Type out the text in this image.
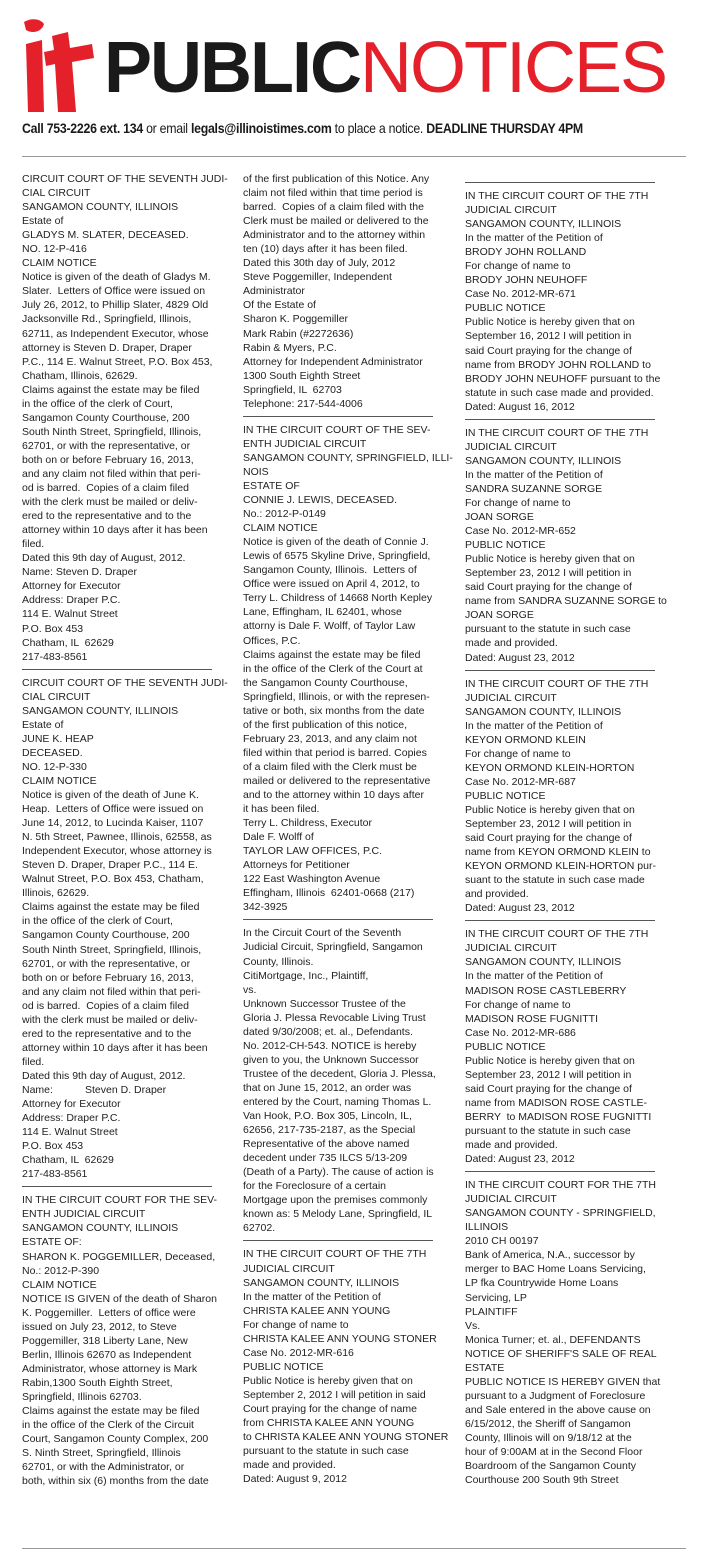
PUBLICNOTICES
Call 753-2226 ext. 134 or email legals@illinoistimes.com to place a notice. DEADLINE THURSDAY 4PM

CIRCUIT COURT OF THE SEVENTH JUDI-

CIAL CIRCUIT

SANGAMON COUNTY, ILLINOIS

Estate of

GLADYS M. SLATER, DECEASED.

NO. 12-P-416

CLAIM NOTICE

Notice is given of the death of Gladys M.

Slater.  Letters of Office were issued on

July 26, 2012, to Phillip Slater, 4829 Old

Jacksonville Rd., Springfield, Illinois,

62711, as Independent Executor, whose

attorney is Steven D. Draper, Draper

P.C., 114 E. Walnut Street, P.O. Box 453,

Chatham, Illinois, 62629.

Claims against the estate may be filed

in the office of the clerk of Court,

Sangamon County Courthouse, 200

South Ninth Street, Springfield, Illinois,

62701, or with the representative, or

both on or before February 16, 2013,

and any claim not filed within that peri-

od is barred.  Copies of a claim filed

with the clerk must be mailed or deliv-

ered to the representative and to the

attorney within 10 days after it has been

filed.

Dated this 9th day of August, 2012.

Name: Steven D. Draper

Attorney for Executor

Address: Draper P.C.

114 E. Walnut Street

P.O. Box 453

Chatham, IL  62629

217-483-8561

CIRCUIT COURT OF THE SEVENTH JUDI-

CIAL CIRCUIT

SANGAMON COUNTY, ILLINOIS

Estate of

JUNE K. HEAP

DECEASED.

NO. 12-P-330

CLAIM NOTICE

Notice is given of the death of June K.

Heap.  Letters of Office were issued on

June 14, 2012, to Lucinda Kaiser, 1107

N. 5th Street, Pawnee, Illinois, 62558, as

Independent Executor, whose attorney is

Steven D. Draper, Draper P.C., 114 E.

Walnut Street, P.O. Box 453, Chatham,

Illinois, 62629.

Claims against the estate may be filed

in the office of the clerk of Court,

Sangamon County Courthouse, 200

South Ninth Street, Springfield, Illinois,

62701, or with the representative, or

both on or before February 16, 2013,

and any claim not filed within that peri-

od is barred.  Copies of a claim filed

with the clerk must be mailed or deliv-

ered to the representative and to the

attorney within 10 days after it has been

filed.

Dated this 9th day of August, 2012.

Name:           Steven D. Draper

Attorney for Executor

Address: Draper P.C.

114 E. Walnut Street

P.O. Box 453

Chatham, IL  62629

217-483-8561

IN THE CIRCUIT COURT FOR THE SEV-

ENTH JUDICIAL CIRCUIT

SANGAMON COUNTY, ILLINOIS

ESTATE OF:

SHARON K. POGGEMILLER, Deceased,

No.: 2012-P-390

CLAIM NOTICE

NOTICE IS GIVEN of the death of Sharon

K. Poggemiller.  Letters of office were

issued on July 23, 2012, to Steve

Poggemiller, 318 Liberty Lane, New

Berlin, Illinois 62670 as Independent

Administrator, whose attorney is Mark

Rabin,1300 South Eighth Street,

Springfield, Illinois 62703.

Claims against the estate may be filed

in the office of the Clerk of the Circuit

Court, Sangamon County Complex, 200

S. Ninth Street, Springfield, Illinois

62701, or with the Administrator, or

both, within six (6) months from the date

of the first publication of this Notice. Any

claim not filed within that time period is

barred.  Copies of a claim filed with the

Clerk must be mailed or delivered to the

Administrator and to the attorney within

ten (10) days after it has been filed.

Dated this 30th day of July, 2012

Steve Poggemiller, Independent

Administrator

Of the Estate of

Sharon K. Poggemiller

Mark Rabin (#2272636)

Rabin & Myers, P.C.

Attorney for Independent Administrator

1300 South Eighth Street

Springfield, IL  62703

Telephone: 217-544-4006

IN THE CIRCUIT COURT OF THE SEV-

ENTH JUDICIAL CIRCUIT

SANGAMON COUNTY, SPRINGFIELD, ILLI-

NOIS

ESTATE OF

CONNIE J. LEWIS, DECEASED.

No.: 2012-P-0149

CLAIM NOTICE

Notice is given of the death of Connie J.

Lewis of 6575 Skyline Drive, Springfield,

Sangamon County, Illinois.  Letters of

Office were issued on April 4, 2012, to

Terry L. Childress of 14668 North Kepley

Lane, Effingham, IL 62401, whose

attorny is Dale F. Wolff, of Taylor Law

Offices, P.C.

Claims against the estate may be filed

in the office of the Clerk of the Court at

the Sangamon County Courthouse,

Springfield, Illinois, or with the represen-

tative or both, six months from the date

of the first publication of this notice,

February 23, 2013, and any claim not

filed within that period is barred. Copies

of a claim filed with the Clerk must be

mailed or delivered to the representative

and to the attorney within 10 days after

it has been filed.

Terry L. Childress, Executor

Dale F. Wolff of

TAYLOR LAW OFFICES, P.C.

Attorneys for Petitioner

122 East Washington Avenue

Effingham, Illinois  62401-0668 (217)

342-3925

In the Circuit Court of the Seventh

Judicial Circuit, Springfield, Sangamon

County, Illinois.

CitiMortgage, Inc., Plaintiff,

vs.

Unknown Successor Trustee of the

Gloria J. Plessa Revocable Living Trust

dated 9/30/2008; et. al., Defendants.

No. 2012-CH-543. NOTICE is hereby

given to you, the Unknown Successor

Trustee of the decedent, Gloria J. Plessa,

that on June 15, 2012, an order was

entered by the Court, naming Thomas L.

Van Hook, P.O. Box 305, Lincoln, IL,

62656, 217-735-2187, as the Special

Representative of the above named

decedent under 735 ILCS 5/13-209

(Death of a Party). The cause of action is

for the Foreclosure of a certain

Mortgage upon the premises commonly

known as: 5 Melody Lane, Springfield, IL

62702.

IN THE CIRCUIT COURT OF THE 7TH

JUDICIAL CIRCUIT

SANGAMON COUNTY, ILLINOIS

In the matter of the Petition of

CHRISTA KALEE ANN YOUNG

For change of name to

CHRISTA KALEE ANN YOUNG STONER

Case No. 2012-MR-616

PUBLIC NOTICE

Public Notice is hereby given that on

September 2, 2012 I will petition in said

Court praying for the change of name

from CHRISTA KALEE ANN YOUNG

to CHRISTA KALEE ANN YOUNG STONER

pursuant to the statute in such case

made and provided.

Dated: August 9, 2012

IN THE CIRCUIT COURT OF THE 7TH

JUDICIAL CIRCUIT

SANGAMON COUNTY, ILLINOIS

In the matter of the Petition of

BRODY JOHN ROLLAND

For change of name to

BRODY JOHN NEUHOFF

Case No. 2012-MR-671

PUBLIC NOTICE

Public Notice is hereby given that on

September 16, 2012 I will petition in

said Court praying for the change of

name from BRODY JOHN ROLLAND to

BRODY JOHN NEUHOFF pursuant to the

statute in such case made and provided.

Dated: August 16, 2012

IN THE CIRCUIT COURT OF THE 7TH

JUDICIAL CIRCUIT

SANGAMON COUNTY, ILLINOIS

In the matter of the Petition of

SANDRA SUZANNE SORGE

For change of name to

JOAN SORGE

Case No. 2012-MR-652

PUBLIC NOTICE

Public Notice is hereby given that on

September 23, 2012 I will petition in

said Court praying for the change of

name from SANDRA SUZANNE SORGE to

JOAN SORGE

pursuant to the statute in such case

made and provided.

Dated: August 23, 2012

IN THE CIRCUIT COURT OF THE 7TH

JUDICIAL CIRCUIT

SANGAMON COUNTY, ILLINOIS

In the matter of the Petition of

KEYON ORMOND KLEIN

For change of name to

KEYON ORMOND KLEIN-HORTON

Case No. 2012-MR-687

PUBLIC NOTICE

Public Notice is hereby given that on

September 23, 2012 I will petition in

said Court praying for the change of

name from KEYON ORMOND KLEIN to

KEYON ORMOND KLEIN-HORTON pur-

suant to the statute in such case made

and provided.

Dated: August 23, 2012

IN THE CIRCUIT COURT OF THE 7TH

JUDICIAL CIRCUIT

SANGAMON COUNTY, ILLINOIS

In the matter of the Petition of

MADISON ROSE CASTLEBERRY

For change of name to

MADISON ROSE FUGNITTI

Case No. 2012-MR-686

PUBLIC NOTICE

Public Notice is hereby given that on

September 23, 2012 I will petition in

said Court praying for the change of

name from MADISON ROSE CASTLE-

BERRY  to MADISON ROSE FUGNITTI

pursuant to the statute in such case

made and provided.

Dated: August 23, 2012

IN THE CIRCUIT COURT FOR THE 7TH

JUDICIAL CIRCUIT

SANGAMON COUNTY - SPRINGFIELD,

ILLINOIS

2010 CH 00197

Bank of America, N.A., successor by

merger to BAC Home Loans Servicing,

LP fka Countrywide Home Loans

Servicing, LP

PLAINTIFF

Vs.

Monica Turner; et. al., DEFENDANTS

NOTICE OF SHERIFF'S SALE OF REAL

ESTATE

PUBLIC NOTICE IS HEREBY GIVEN that

pursuant to a Judgment of Foreclosure

and Sale entered in the above cause on

6/15/2012, the Sheriff of Sangamon

County, Illinois will on 9/18/12 at the

hour of 9:00AM at in the Second Floor

Boardroom of the Sangamon County

Courthouse 200 South 9th Street
